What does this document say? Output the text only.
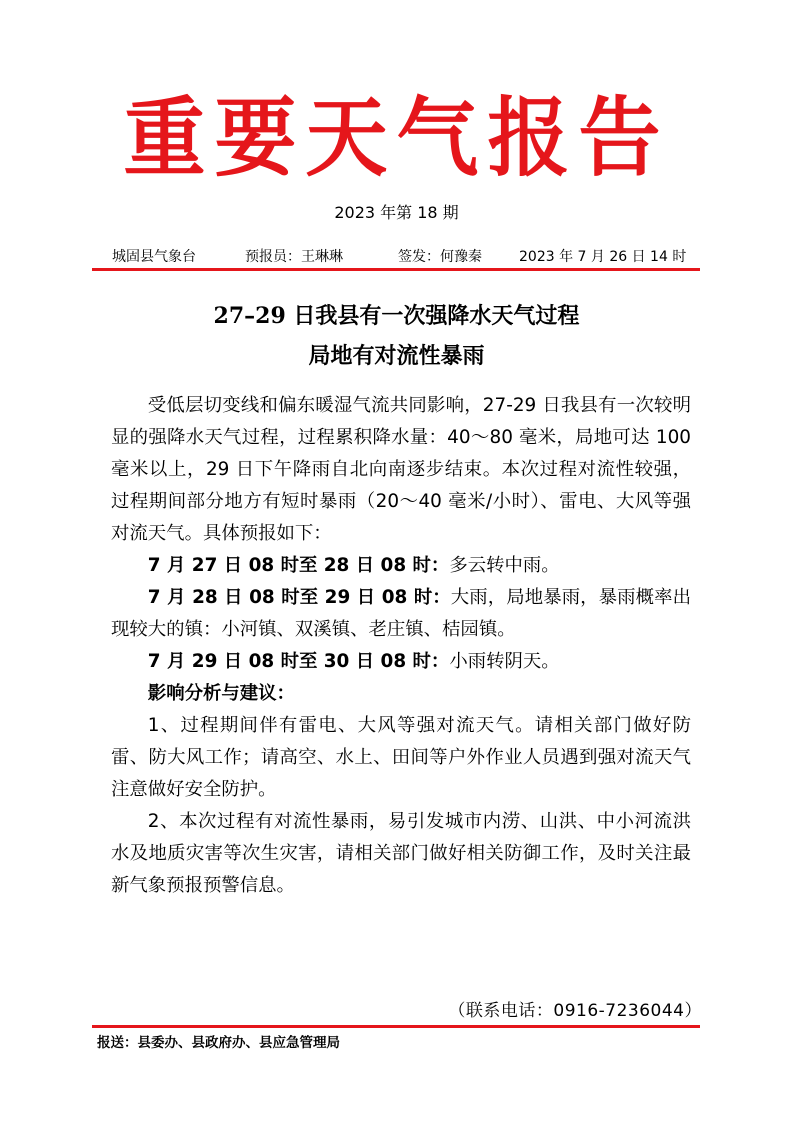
重要天气报告
2023 年第 18 期
城固县气象台	预报员：王琳琳	签发：何豫秦	2023 年 7 月 26 日 14 时
27–29 日我县有一次强降水天气过程
局地有对流性暴雨

受低层切变线和偏东暖湿气流共同影响，27-29 日我县有一次较明显的强降水天气过程，过程累积降水量：40～80 毫米，局地可达 100 毫米以上，29 日下午降雨自北向南逐步结束。本次过程对流性较强，过程期间部分地方有短时暴雨（20～40 毫米/小时）、雷电、大风等强对流天气。具体预报如下：

7 月 27 日 08 时至 28 日 08 时：多云转中雨。

7 月 28 日 08 时至 29 日 08 时：大雨，局地暴雨，暴雨概率出现较大的镇：小河镇、双溪镇、老庄镇、桔园镇。

7 月 29 日 08 时至 30 日 08 时：小雨转阴天。

影响分析与建议：

1、过程期间伴有雷电、大风等强对流天气。请相关部门做好防雷、防大风工作；请高空、水上、田间等户外作业人员遇到强对流天气注意做好安全防护。

2、本次过程有对流性暴雨，易引发城市内涝、山洪、中小河流洪水及地质灾害等次生灾害，请相关部门做好相关防御工作，及时关注最新气象预报预警信息。

（联系电话：0916-7236044）
报送：县委办、县政府办、县应急管理局
